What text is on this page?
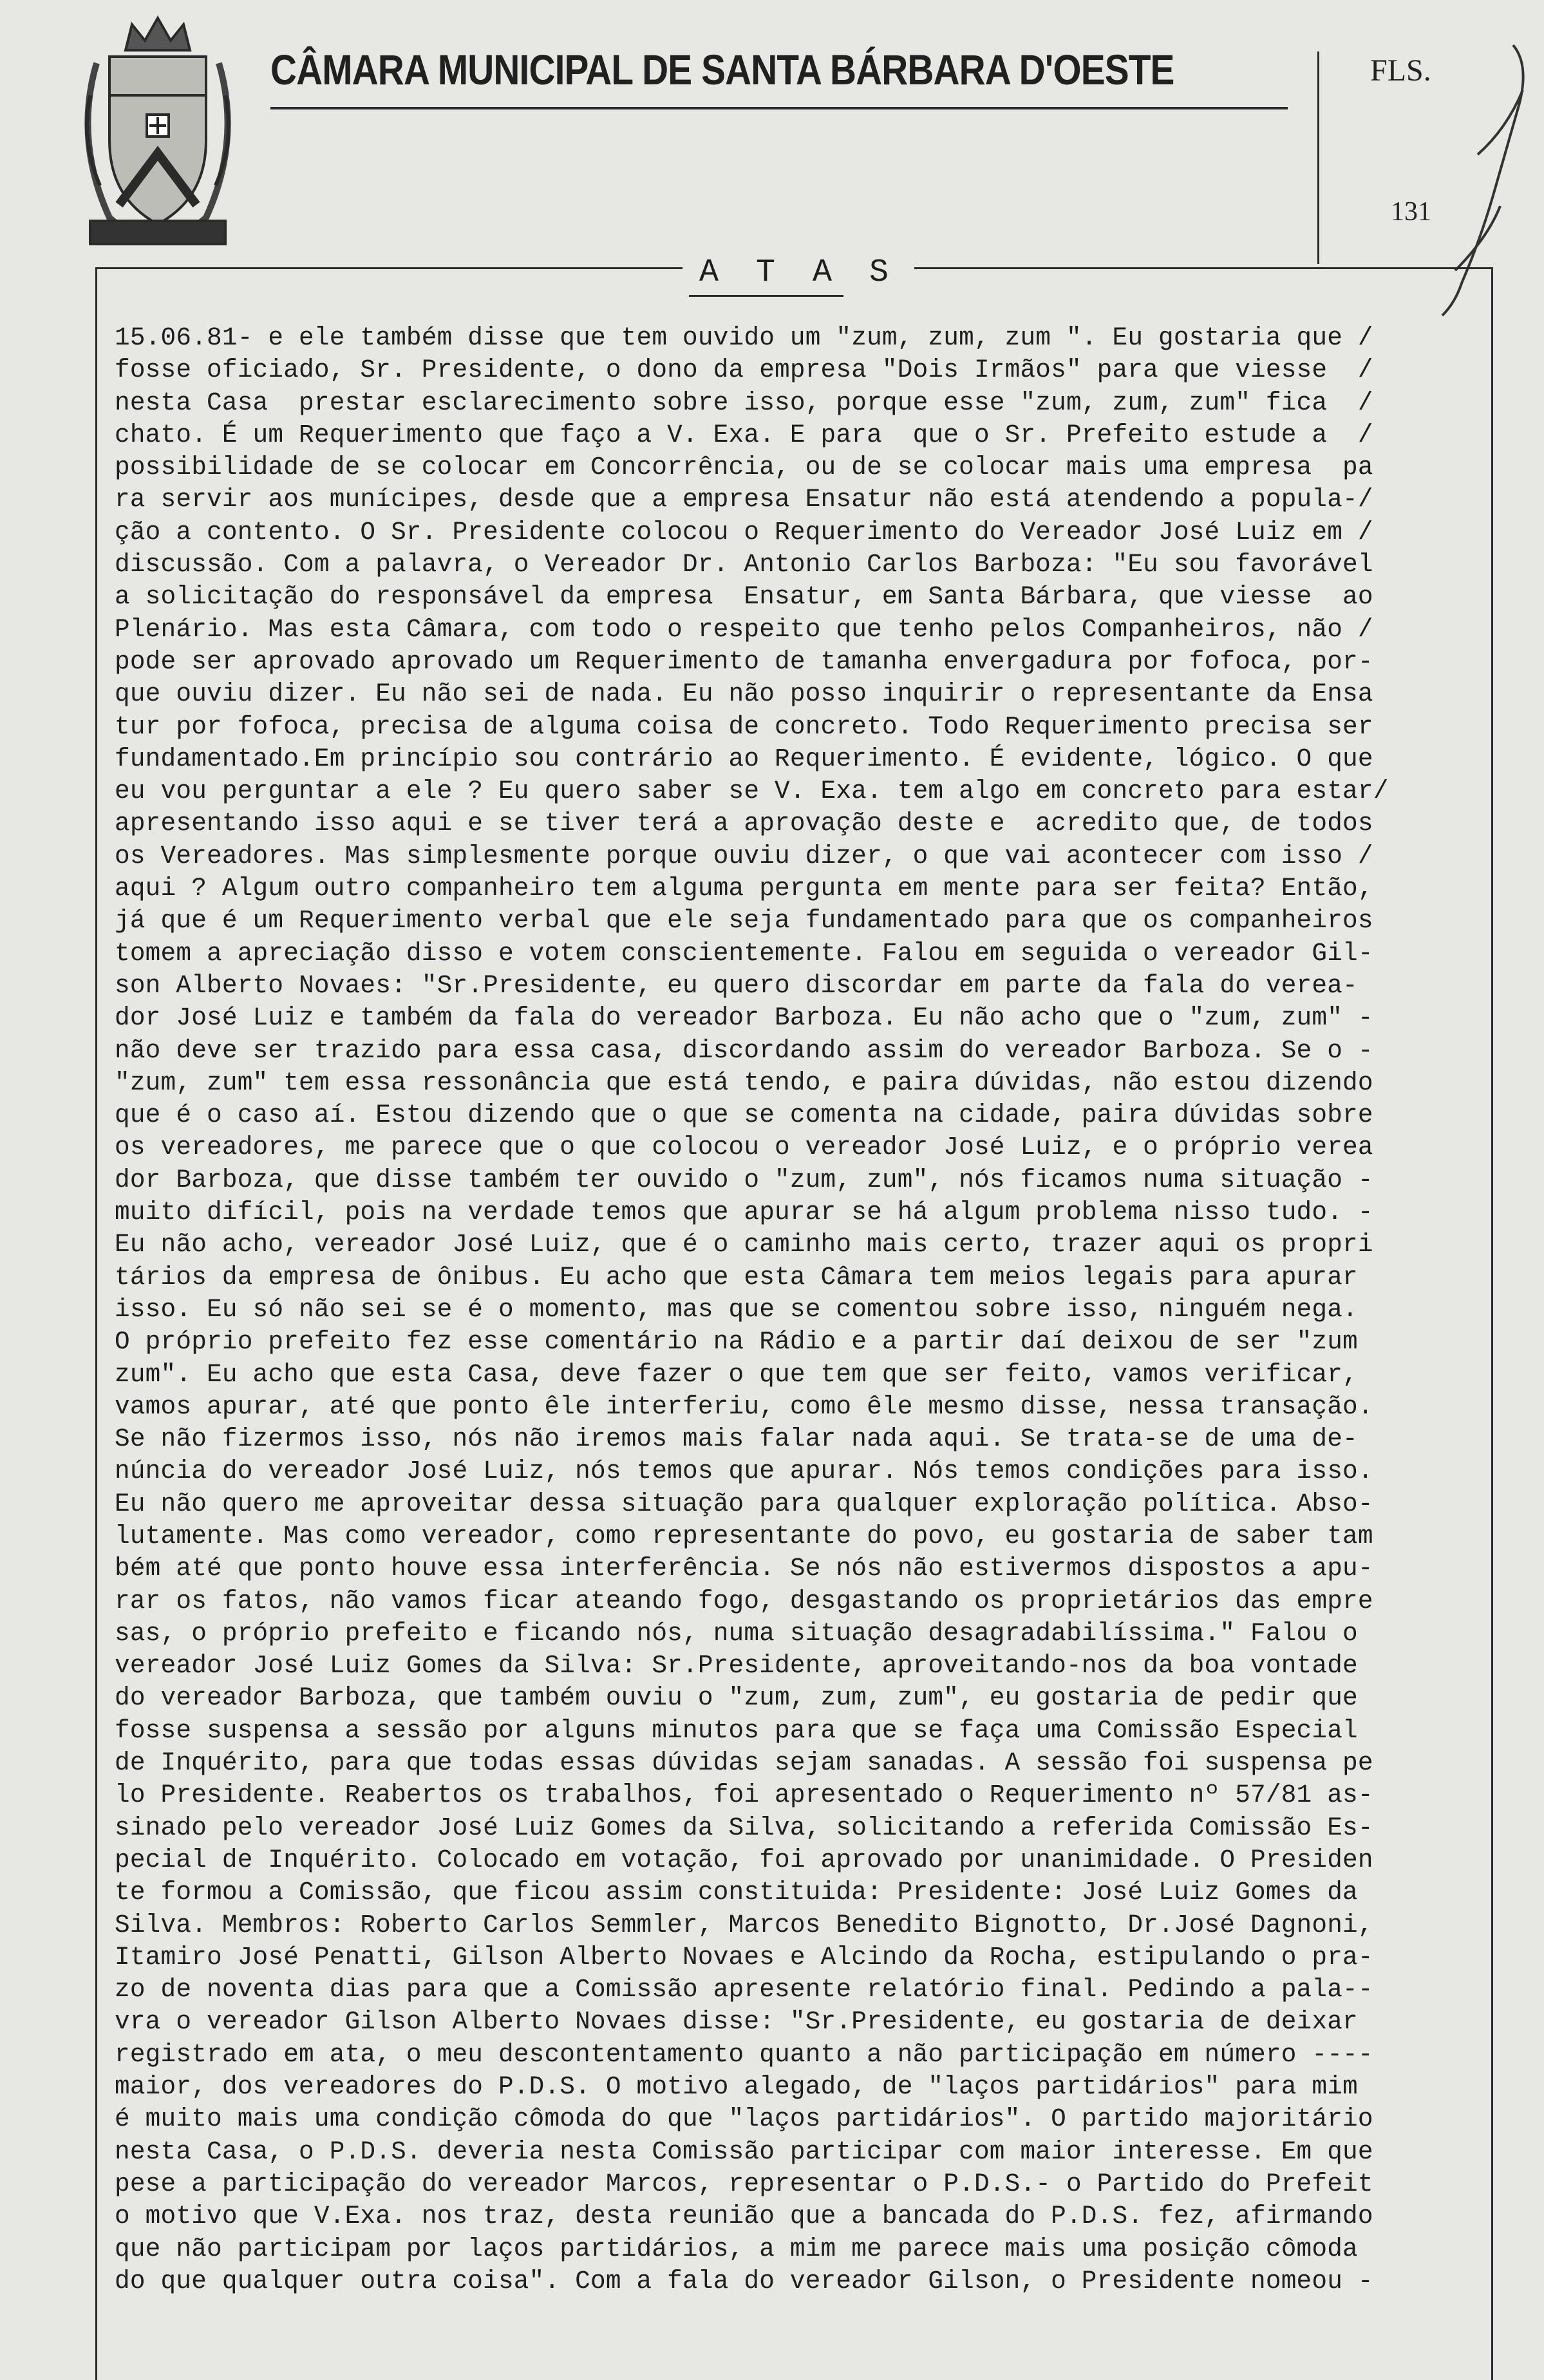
CÂMARA MUNICIPAL DE SANTA BÁRBARA D'OESTE	FLS.
131
A T A S
15.06.81- e ele também disse que tem ouvido um "zum, zum, zum ". Eu gostaria que /
fosse oficiado, Sr. Presidente, o dono da empresa "Dois Irmãos" para que viesse  /
nesta Casa  prestar esclarecimento sobre isso, porque esse "zum, zum, zum" fica  /
chato. É um Requerimento que faço a V. Exa. E para  que o Sr. Prefeito estude a  /
possibilidade de se colocar em Concorrência, ou de se colocar mais uma empresa  pa
ra servir aos munícipes, desde que a empresa Ensatur não está atendendo a popula-/
ção a contento. O Sr. Presidente colocou o Requerimento do Vereador José Luiz em /
discussão. Com a palavra, o Vereador Dr. Antonio Carlos Barboza: "Eu sou favorável
a solicitação do responsável da empresa  Ensatur, em Santa Bárbara, que viesse  ao
Plenário. Mas esta Câmara, com todo o respeito que tenho pelos Companheiros, não /
pode ser aprovado aprovado um Requerimento de tamanha envergadura por fofoca, por-
que ouviu dizer. Eu não sei de nada. Eu não posso inquirir o representante da Ensa
tur por fofoca, precisa de alguma coisa de concreto. Todo Requerimento precisa ser
fundamentado.Em princípio sou contrário ao Requerimento. É evidente, lógico. O que
eu vou perguntar a ele ? Eu quero saber se V. Exa. tem algo em concreto para estar/
apresentando isso aqui e se tiver terá a aprovação deste e  acredito que, de todos
os Vereadores. Mas simplesmente porque ouviu dizer, o que vai acontecer com isso /
aqui ? Algum outro companheiro tem alguma pergunta em mente para ser feita? Então,
já que é um Requerimento verbal que ele seja fundamentado para que os companheiros
tomem a apreciação disso e votem conscientemente. Falou em seguida o vereador Gil-
son Alberto Novaes: "Sr.Presidente, eu quero discordar em parte da fala do verea-
dor José Luiz e também da fala do vereador Barboza. Eu não acho que o "zum, zum" -
não deve ser trazido para essa casa, discordando assim do vereador Barboza. Se o -
"zum, zum" tem essa ressonância que está tendo, e paira dúvidas, não estou dizendo
que é o caso aí. Estou dizendo que o que se comenta na cidade, paira dúvidas sobre
os vereadores, me parece que o que colocou o vereador José Luiz, e o próprio verea
dor Barboza, que disse também ter ouvido o "zum, zum", nós ficamos numa situação -
muito difícil, pois na verdade temos que apurar se há algum problema nisso tudo. -
Eu não acho, vereador José Luiz, que é o caminho mais certo, trazer aqui os propri
tários da empresa de ônibus. Eu acho que esta Câmara tem meios legais para apurar
isso. Eu só não sei se é o momento, mas que se comentou sobre isso, ninguém nega.
O próprio prefeito fez esse comentário na Rádio e a partir daí deixou de ser "zum
zum". Eu acho que esta Casa, deve fazer o que tem que ser feito, vamos verificar,
vamos apurar, até que ponto êle interferiu, como êle mesmo disse, nessa transação.
Se não fizermos isso, nós não iremos mais falar nada aqui. Se trata-se de uma de-
núncia do vereador José Luiz, nós temos que apurar. Nós temos condições para isso.
Eu não quero me aproveitar dessa situação para qualquer exploração política. Abso-
lutamente. Mas como vereador, como representante do povo, eu gostaria de saber tam
bém até que ponto houve essa interferência. Se nós não estivermos dispostos a apu-
rar os fatos, não vamos ficar ateando fogo, desgastando os proprietários das empre
sas, o próprio prefeito e ficando nós, numa situação desagradabilíssima." Falou o
vereador José Luiz Gomes da Silva: Sr.Presidente, aproveitando-nos da boa vontade
do vereador Barboza, que também ouviu o "zum, zum, zum", eu gostaria de pedir que
fosse suspensa a sessão por alguns minutos para que se faça uma Comissão Especial
de Inquérito, para que todas essas dúvidas sejam sanadas. A sessão foi suspensa pe
lo Presidente. Reabertos os trabalhos, foi apresentado o Requerimento nº 57/81 as-
sinado pelo vereador José Luiz Gomes da Silva, solicitando a referida Comissão Es-
pecial de Inquérito. Colocado em votação, foi aprovado por unanimidade. O Presiden
te formou a Comissão, que ficou assim constituida: Presidente: José Luiz Gomes da
Silva. Membros: Roberto Carlos Semmler, Marcos Benedito Bignotto, Dr.José Dagnoni,
Itamiro José Penatti, Gilson Alberto Novaes e Alcindo da Rocha, estipulando o pra-
zo de noventa dias para que a Comissão apresente relatório final. Pedindo a pala--
vra o vereador Gilson Alberto Novaes disse: "Sr.Presidente, eu gostaria de deixar
registrado em ata, o meu descontentamento quanto a não participação em número ----
maior, dos vereadores do P.D.S. O motivo alegado, de "laços partidários" para mim
é muito mais uma condição cômoda do que "laços partidários". O partido majoritário
nesta Casa, o P.D.S. deveria nesta Comissão participar com maior interesse. Em que
pese a participação do vereador Marcos, representar o P.D.S.- o Partido do Prefeit
o motivo que V.Exa. nos traz, desta reunião que a bancada do P.D.S. fez, afirmando
que não participam por laços partidários, a mim me parece mais uma posição cômoda
do que qualquer outra coisa". Com a fala do vereador Gilson, o Presidente nomeou -
